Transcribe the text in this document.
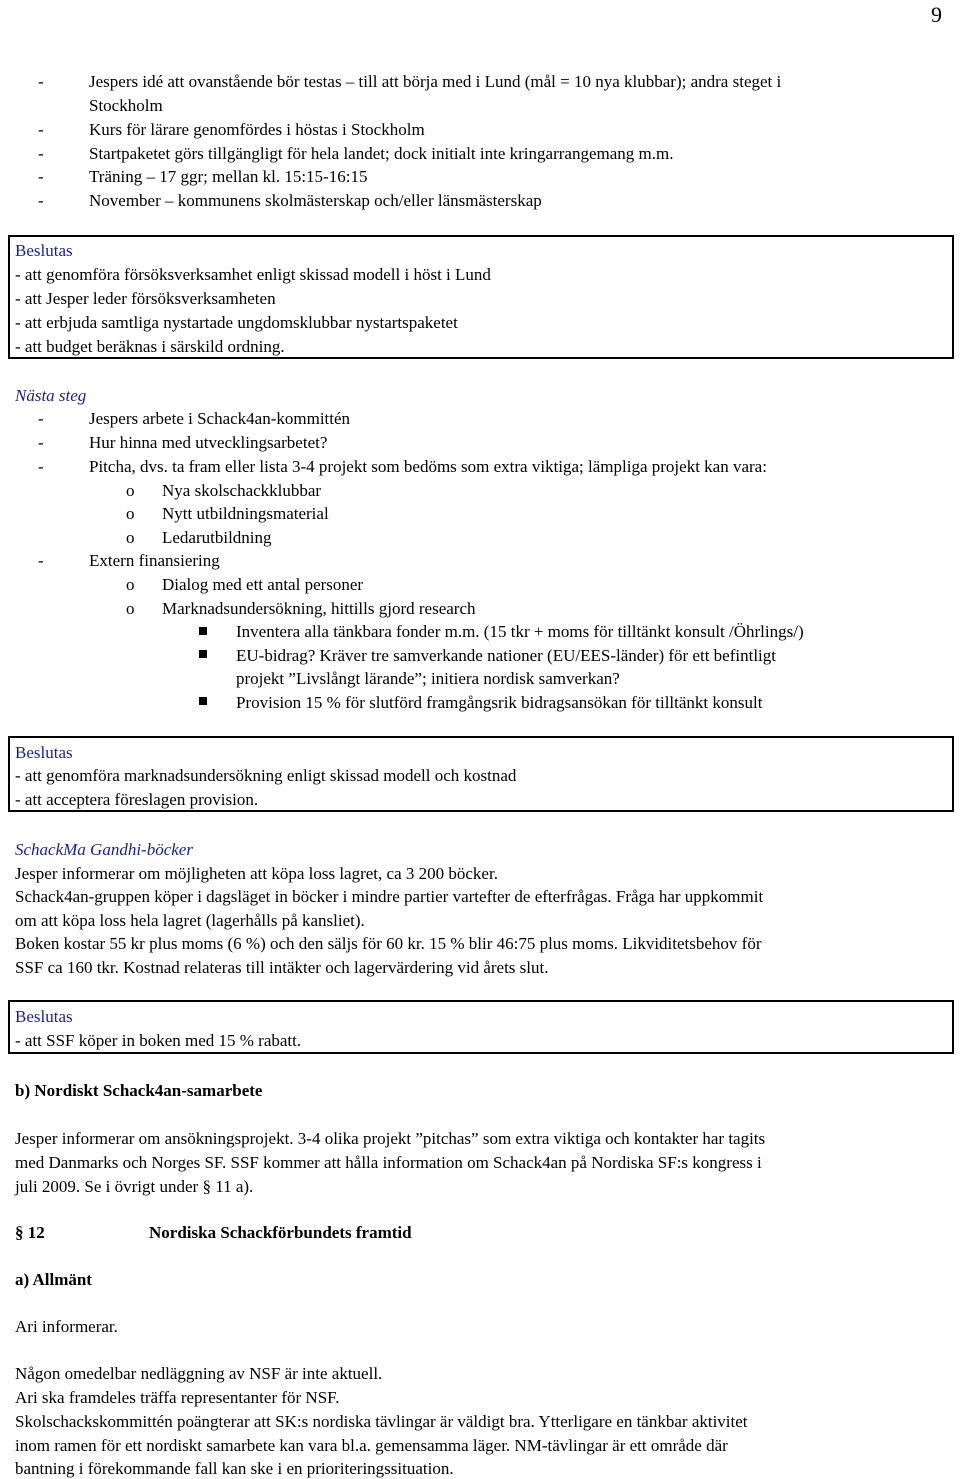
9
-	Jespers idé att ovanstående bör testas – till att börja med i Lund (mål = 10 nya klubbar); andra steget i
Stockholm
-	Kurs för lärare genomfördes i höstas i Stockholm
-	Startpaketet görs tillgängligt för hela landet; dock initialt inte kringarrangemang m.m.
-	Träning – 17 ggr; mellan kl. 15:15-16:15
-	November – kommunens skolmästerskap och/eller länsmästerskap
Beslutas
- att genomföra försöksverksamhet enligt skissad modell i höst i Lund
- att Jesper leder försöksverksamheten
- att erbjuda samtliga nystartade ungdomsklubbar nystartspaketet
- att budget beräknas i särskild ordning.
Nästa steg
-	Jespers arbete i Schack4an-kommittén
-	Hur hinna med utvecklingsarbetet?
-	Pitcha, dvs. ta fram eller lista 3-4 projekt som bedöms som extra viktiga; lämpliga projekt kan vara:
o Nya skolschackklubbar
o Nytt utbildningsmaterial
o Ledarutbildning
-	Extern finansiering
o Dialog med ett antal personer
o Marknadsundersökning, hittills gjord research
Inventera alla tänkbara fonder m.m. (15 tkr + moms för tilltänkt konsult /Öhrlings/)
EU-bidrag? Kräver tre samverkande nationer (EU/EES-länder) för ett befintligt
projekt ”Livslångt lärande”; initiera nordisk samverkan?
Provision 15 % för slutförd framgångsrik bidragsansökan för tilltänkt konsult
Beslutas
- att genomföra marknadsundersökning enligt skissad modell och kostnad
- att acceptera föreslagen provision.
SchackMa Gandhi-böcker
Jesper informerar om möjligheten att köpa loss lagret, ca 3 200 böcker.
Schack4an-gruppen köper i dagsläget in böcker i mindre partier vartefter de efterfrågas. Fråga har uppkommit
om att köpa loss hela lagret (lagerhålls på kansliet).
Boken kostar 55 kr plus moms (6 %) och den säljs för 60 kr. 15 % blir 46:75 plus moms. Likviditetsbehov för
SSF ca 160 tkr. Kostnad relateras till intäkter och lagervärdering vid årets slut.
Beslutas
- att SSF köper in boken med 15 % rabatt.
b) Nordiskt Schack4an-samarbete
Jesper informerar om ansökningsprojekt. 3-4 olika projekt ”pitchas” som extra viktiga och kontakter har tagits
med Danmarks och Norges SF. SSF kommer att hålla information om Schack4an på Nordiska SF:s kongress i
juli 2009. Se i övrigt under § 11 a).
§ 12	Nordiska Schackförbundets framtid
a) Allmänt
Ari informerar.
Någon omedelbar nedläggning av NSF är inte aktuell.
Ari ska framdeles träffa representanter för NSF.
Skolschackskommittén poängterar att SK:s nordiska tävlingar är väldigt bra. Ytterligare en tänkbar aktivitet
inom ramen för ett nordiskt samarbete kan vara bl.a. gemensamma läger. NM-tävlingar är ett område där
bantning i förekommande fall kan ske i en prioriteringssituation.
